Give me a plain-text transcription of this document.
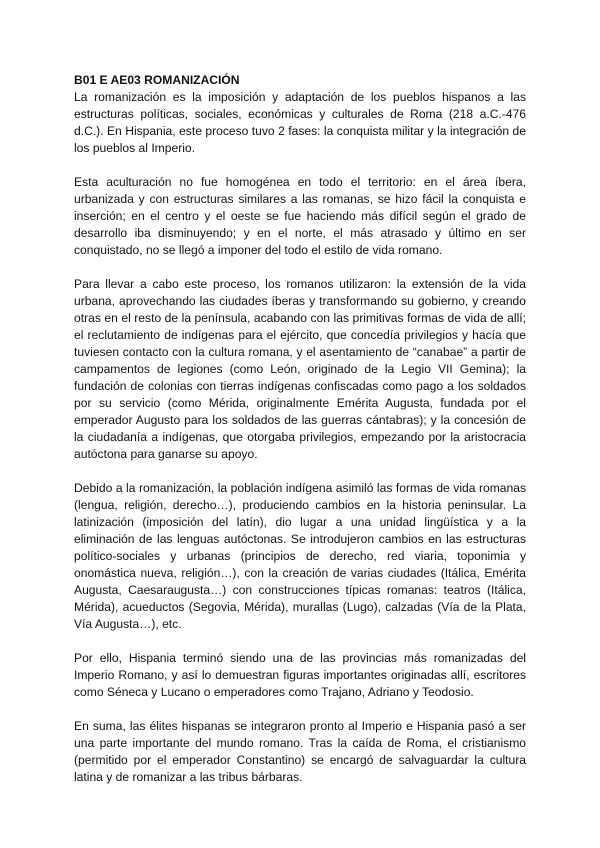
B01 E AE03 ROMANIZACIÓN

La romanización es la imposición y adaptación de los pueblos hispanos a las estructuras políticas, sociales, económicas y culturales de Roma (218 a.C.-476 d.C.). En Hispania, este proceso tuvo 2 fases: la conquista militar y la integración de los pueblos al Imperio.

Esta aculturación no fue homogénea en todo el territorio: en el área íbera, urbanizada y con estructuras similares a las romanas, se hizo fácil la conquista e inserción; en el centro y el oeste se fue haciendo más difícil según el grado de desarrollo iba disminuyendo; y en el norte, el más atrasado y último en ser conquistado, no se llegó a imponer del todo el estilo de vida romano.

Para llevar a cabo este proceso, los romanos utilizaron: la extensión de la vida urbana, aprovechando las ciudades íberas y transformando su gobierno, y creando otras en el resto de la península, acabando con las primitivas formas de vida de allí; el reclutamiento de indígenas para el ejército, que concedía privilegios y hacía que tuviesen contacto con la cultura romana, y el asentamiento de “canabae” a partir de campamentos de legiones (como León, originado de la Legio VII Gemina); la fundación de colonias con tierras indígenas confiscadas como pago a los soldados por su servicio (como Mérida, originalmente Emérita Augusta, fundada por el emperador Augusto para los soldados de las guerras cántabras); y la concesión de la ciudadanía a indígenas, que otorgaba privilegios, empezando por la aristocracia autóctona para ganarse su apoyo.

Debido a la romanización, la población indígena asimiló las formas de vida romanas (lengua, religión, derecho…), produciendo cambios en la historia peninsular. La latinización (imposición del latín), dio lugar a una unidad lingüística y a la eliminación de las lenguas autóctonas. Se introdujeron cambios en las estructuras político-sociales y urbanas (principios de derecho, red viaria, toponimia y onomástica nueva, religión…), con la creación de varias ciudades (Itálica, Emérita Augusta, Caesaraugusta…) con construcciones típicas romanas: teatros (Itálica, Mérida), acueductos (Segovia, Mérida), murallas (Lugo), calzadas (Vía de la Plata, Vía Augusta…), etc.

Por ello, Hispania terminó siendo una de las provincias más romanizadas del Imperio Romano, y así lo demuestran figuras importantes originadas allí, escritores como Séneca y Lucano o emperadores como Trajano, Adriano y Teodosio.

En suma, las élites hispanas se integraron pronto al Imperio e Hispania pasó a ser una parte importante del mundo romano. Tras la caída de Roma, el cristianismo (permitido por el emperador Constantino) se encargó de salvaguardar la cultura latina y de romanizar a las tribus bárbaras.
